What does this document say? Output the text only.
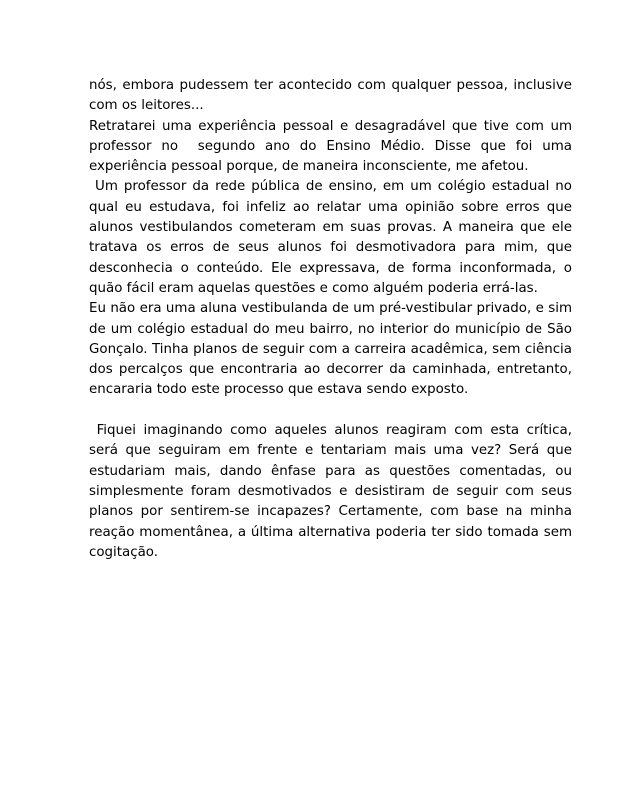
nós, embora pudessem ter acontecido com qualquer pessoa, inclusive com os leitores...

Retratarei uma experiência pessoal e desagradável que tive com um professor no  segundo ano do Ensino Médio. Disse que foi uma experiência pessoal porque, de maneira inconsciente, me afetou.

Um professor da rede pública de ensino, em um colégio estadual no qual eu estudava, foi infeliz ao relatar uma opinião sobre erros que alunos vestibulandos cometeram em suas provas. A maneira que ele tratava os erros de seus alunos foi desmotivadora para mim, que desconhecia o conteúdo. Ele expressava, de forma inconformada, o quão fácil eram aquelas questões e como alguém poderia errá-las.

Eu não era uma aluna vestibulanda de um pré-vestibular privado, e sim de um colégio estadual do meu bairro, no interior do município de São Gonçalo. Tinha planos de seguir com a carreira acadêmica, sem ciência dos percalços que encontraria ao decorrer da caminhada, entretanto, encararia todo este processo que estava sendo exposto.

Fiquei imaginando como aqueles alunos reagiram com esta crítica, será que seguiram em frente e tentariam mais uma vez? Será que estudariam mais, dando ênfase para as questões comentadas, ou simplesmente foram desmotivados e desistiram de seguir com seus planos por sentirem-se incapazes? Certamente, com base na minha reação momentânea, a última alternativa poderia ter sido tomada sem cogitação.
